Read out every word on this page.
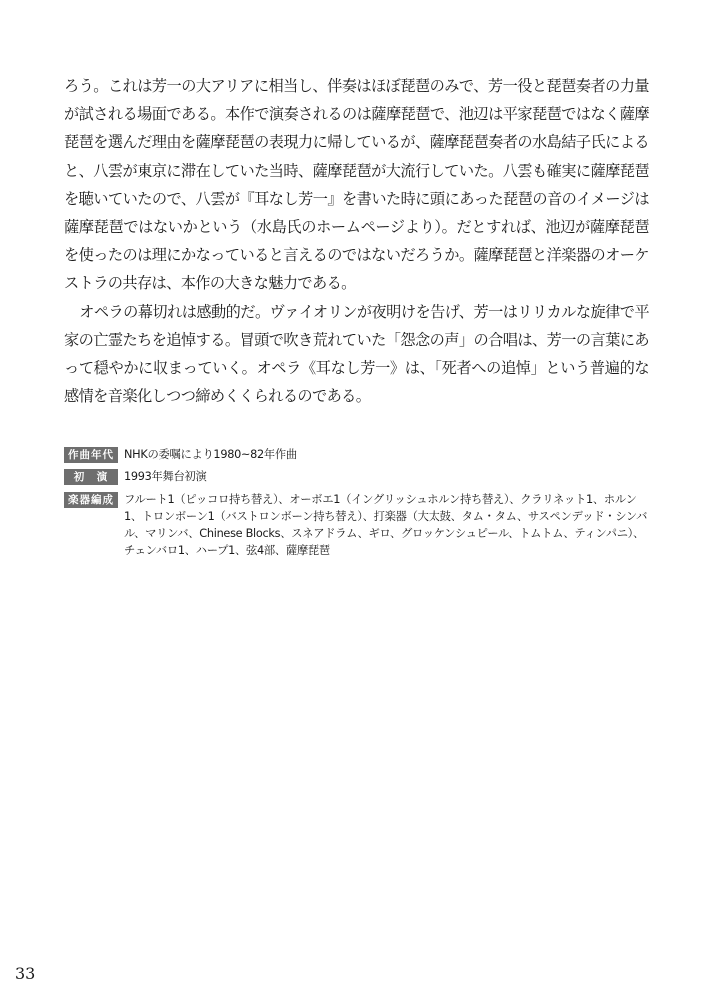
ろう。これは芳一の大アリアに相当し、伴奏はほぼ琵琶のみで、芳一役と琵琶奏者の力量が試される場面である。本作で演奏されるのは薩摩琵琶で、池辺は平家琵琶ではなく薩摩琵琶を選んだ理由を薩摩琵琶の表現力に帰しているが、薩摩琵琶奏者の水島結子氏によると、八雲が東京に滞在していた当時、薩摩琵琶が大流行していた。八雲も確実に薩摩琵琶を聴いていたので、八雲が『耳なし芳一』を書いた時に頭にあった琵琶の音のイメージは薩摩琵琶ではないかという（水島氏のホームページより）。だとすれば、池辺が薩摩琵琶を使ったのは理にかなっていると言えるのではないだろうか。薩摩琵琶と洋楽器のオーケストラの共存は、本作の大きな魅力である。

オペラの幕切れは感動的だ。ヴァイオリンが夜明けを告げ、芳一はリリカルな旋律で平家の亡霊たちを追悼する。冒頭で吹き荒れていた「怨念の声」の合唱は、芳一の言葉にあって穏やかに収まっていく。オペラ《耳なし芳一》は、「死者への追悼」という普遍的な感情を音楽化しつつ締めくくられるのである。

作曲年代 NHKの委嘱により1980~82年作曲
初　演	1993年舞台初演
楽器編成 フルート1（ピッコロ持ち替え）、オーボエ1（イングリッシュホルン持ち替え）、クラリネット1、ホルン1、トロンボーン1（バストロンボーン持ち替え）、打楽器（大太鼓、タム・タム、サスペンデッド・シンバル、マリンバ、Chinese Blocks、スネアドラム、ギロ、グロッケンシュピール、トムトム、ティンパニ）、チェンバロ1、ハープ1、弦4部、薩摩琵琶
33
